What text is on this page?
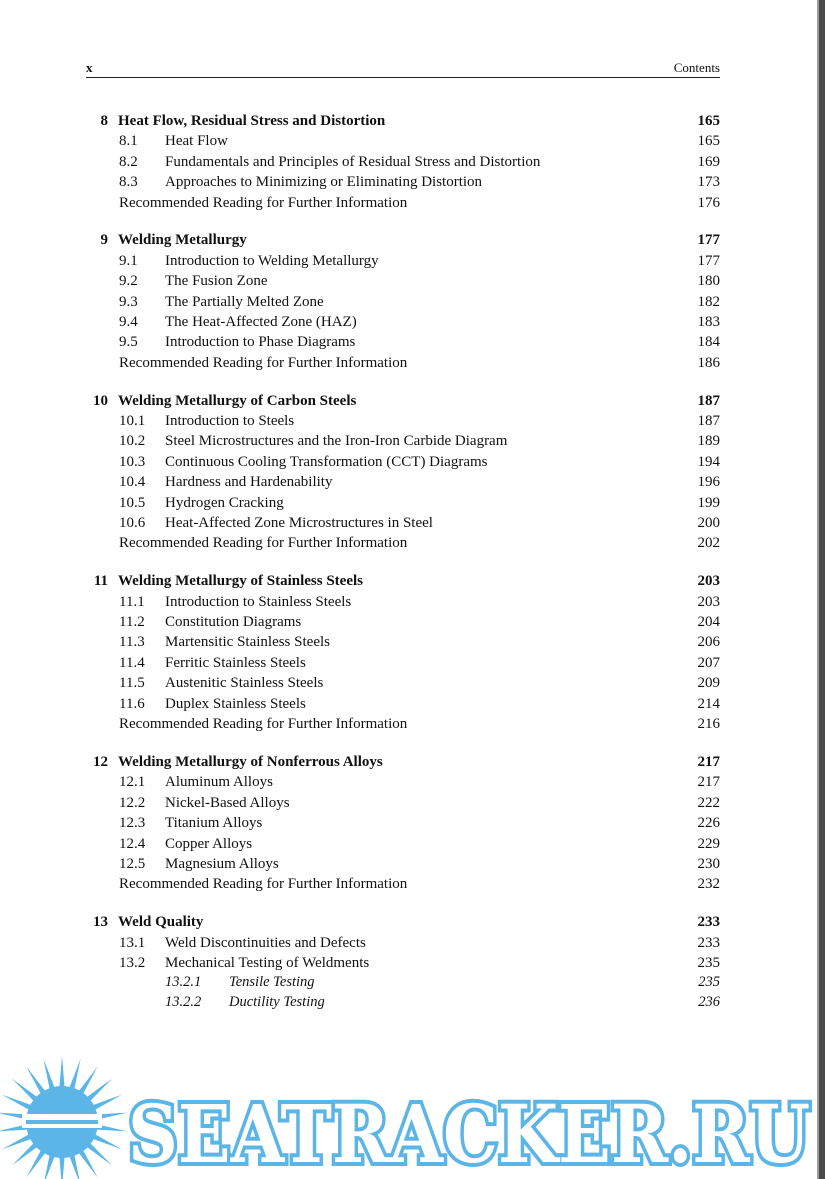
x	Contents
8 Heat Flow, Residual Stress and Distortion	165
8.1 Heat Flow	165
8.2 Fundamentals and Principles of Residual Stress and Distortion	169
8.3 Approaches to Minimizing or Eliminating Distortion	173
Recommended Reading for Further Information	176
9 Welding Metallurgy	177
9.1 Introduction to Welding Metallurgy	177
9.2 The Fusion Zone	180
9.3 The Partially Melted Zone	182
9.4 The Heat-Affected Zone (HAZ)	183
9.5 Introduction to Phase Diagrams	184
Recommended Reading for Further Information	186
10 Welding Metallurgy of Carbon Steels	187
10.1 Introduction to Steels	187
10.2 Steel Microstructures and the Iron-Iron Carbide Diagram	189
10.3 Continuous Cooling Transformation (CCT) Diagrams	194
10.4 Hardness and Hardenability	196
10.5 Hydrogen Cracking	199
10.6 Heat-Affected Zone Microstructures in Steel	200
Recommended Reading for Further Information	202
11 Welding Metallurgy of Stainless Steels	203
11.1 Introduction to Stainless Steels	203
11.2 Constitution Diagrams	204
11.3 Martensitic Stainless Steels	206
11.4 Ferritic Stainless Steels	207
11.5 Austenitic Stainless Steels	209
11.6 Duplex Stainless Steels	214
Recommended Reading for Further Information	216
12 Welding Metallurgy of Nonferrous Alloys	217
12.1 Aluminum Alloys	217
12.2 Nickel-Based Alloys	222
12.3 Titanium Alloys	226
12.4 Copper Alloys	229
12.5 Magnesium Alloys	230
Recommended Reading for Further Information	232
13 Weld Quality	233
13.1 Weld Discontinuities and Defects	233
13.2 Mechanical Testing of Weldments	235
13.2.1 Tensile Testing	235
13.2.2 Ductility Testing	236
SEATRACKER.RU
